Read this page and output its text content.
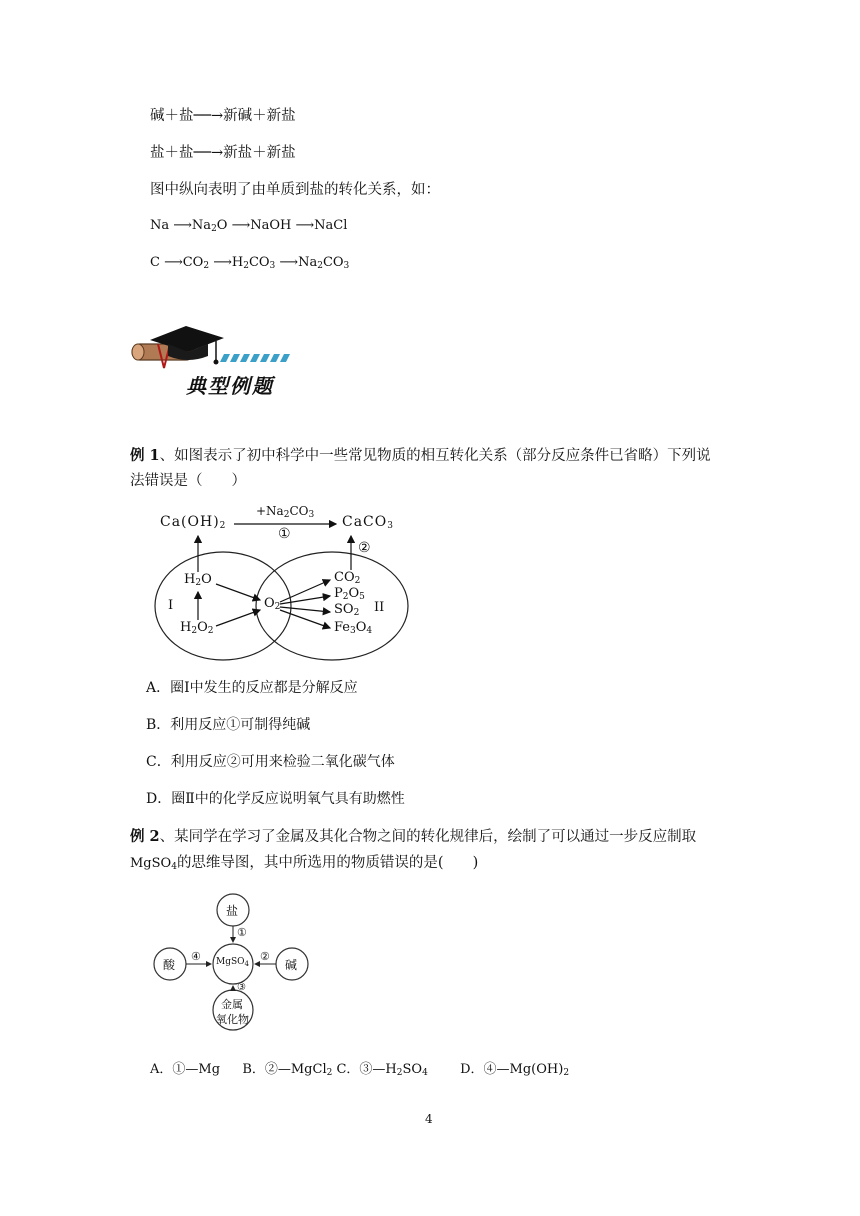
碱＋盐──→新碱＋新盐
盐＋盐──→新盐＋新盐
图中纵向表明了由单质到盐的转化关系，如：
Na $⟶Na_2O$ ⟶NaOH ⟶NaCl
C $⟶CO_2$ $⟶H_2CO_3$ $⟶Na_2CO_3$
典型例题
例 1、如图表示了初中科学中一些常见物质的相互转化关系（部分反应条件已省略）下列说
法错误是（　　）
$Ca(OH)_2$
$+Na_2CO_3$
①
CaCO$_3$
②
$H_2O$
I
$H_2O_2$
$O_2$
$CO_2$
$P_2O_5$
$SO_2$ II
$Fe_3O_4$
A．圈Ⅰ中发生的反应都是分解反应
B．利用反应①可制得纯碱
C．利用反应②可用来检验二氧化碳气体
D．圈Ⅱ中的化学反应说明氧气具有助燃性
例 2、某同学在学习了金属及其化合物之间的转化规律后，绘制了可以通过一步反应制取
MgSO$_4$的思维导图，其中所选用的物质错误的是(　　)
盐
酸	碱
MgSO$_4$
金属
氧化物
①
②
③
④
A．①—Mg B．②—MgCl$_2$ C．$③—H_2SO_4$ D．$④—Mg(OH)_2$
4
